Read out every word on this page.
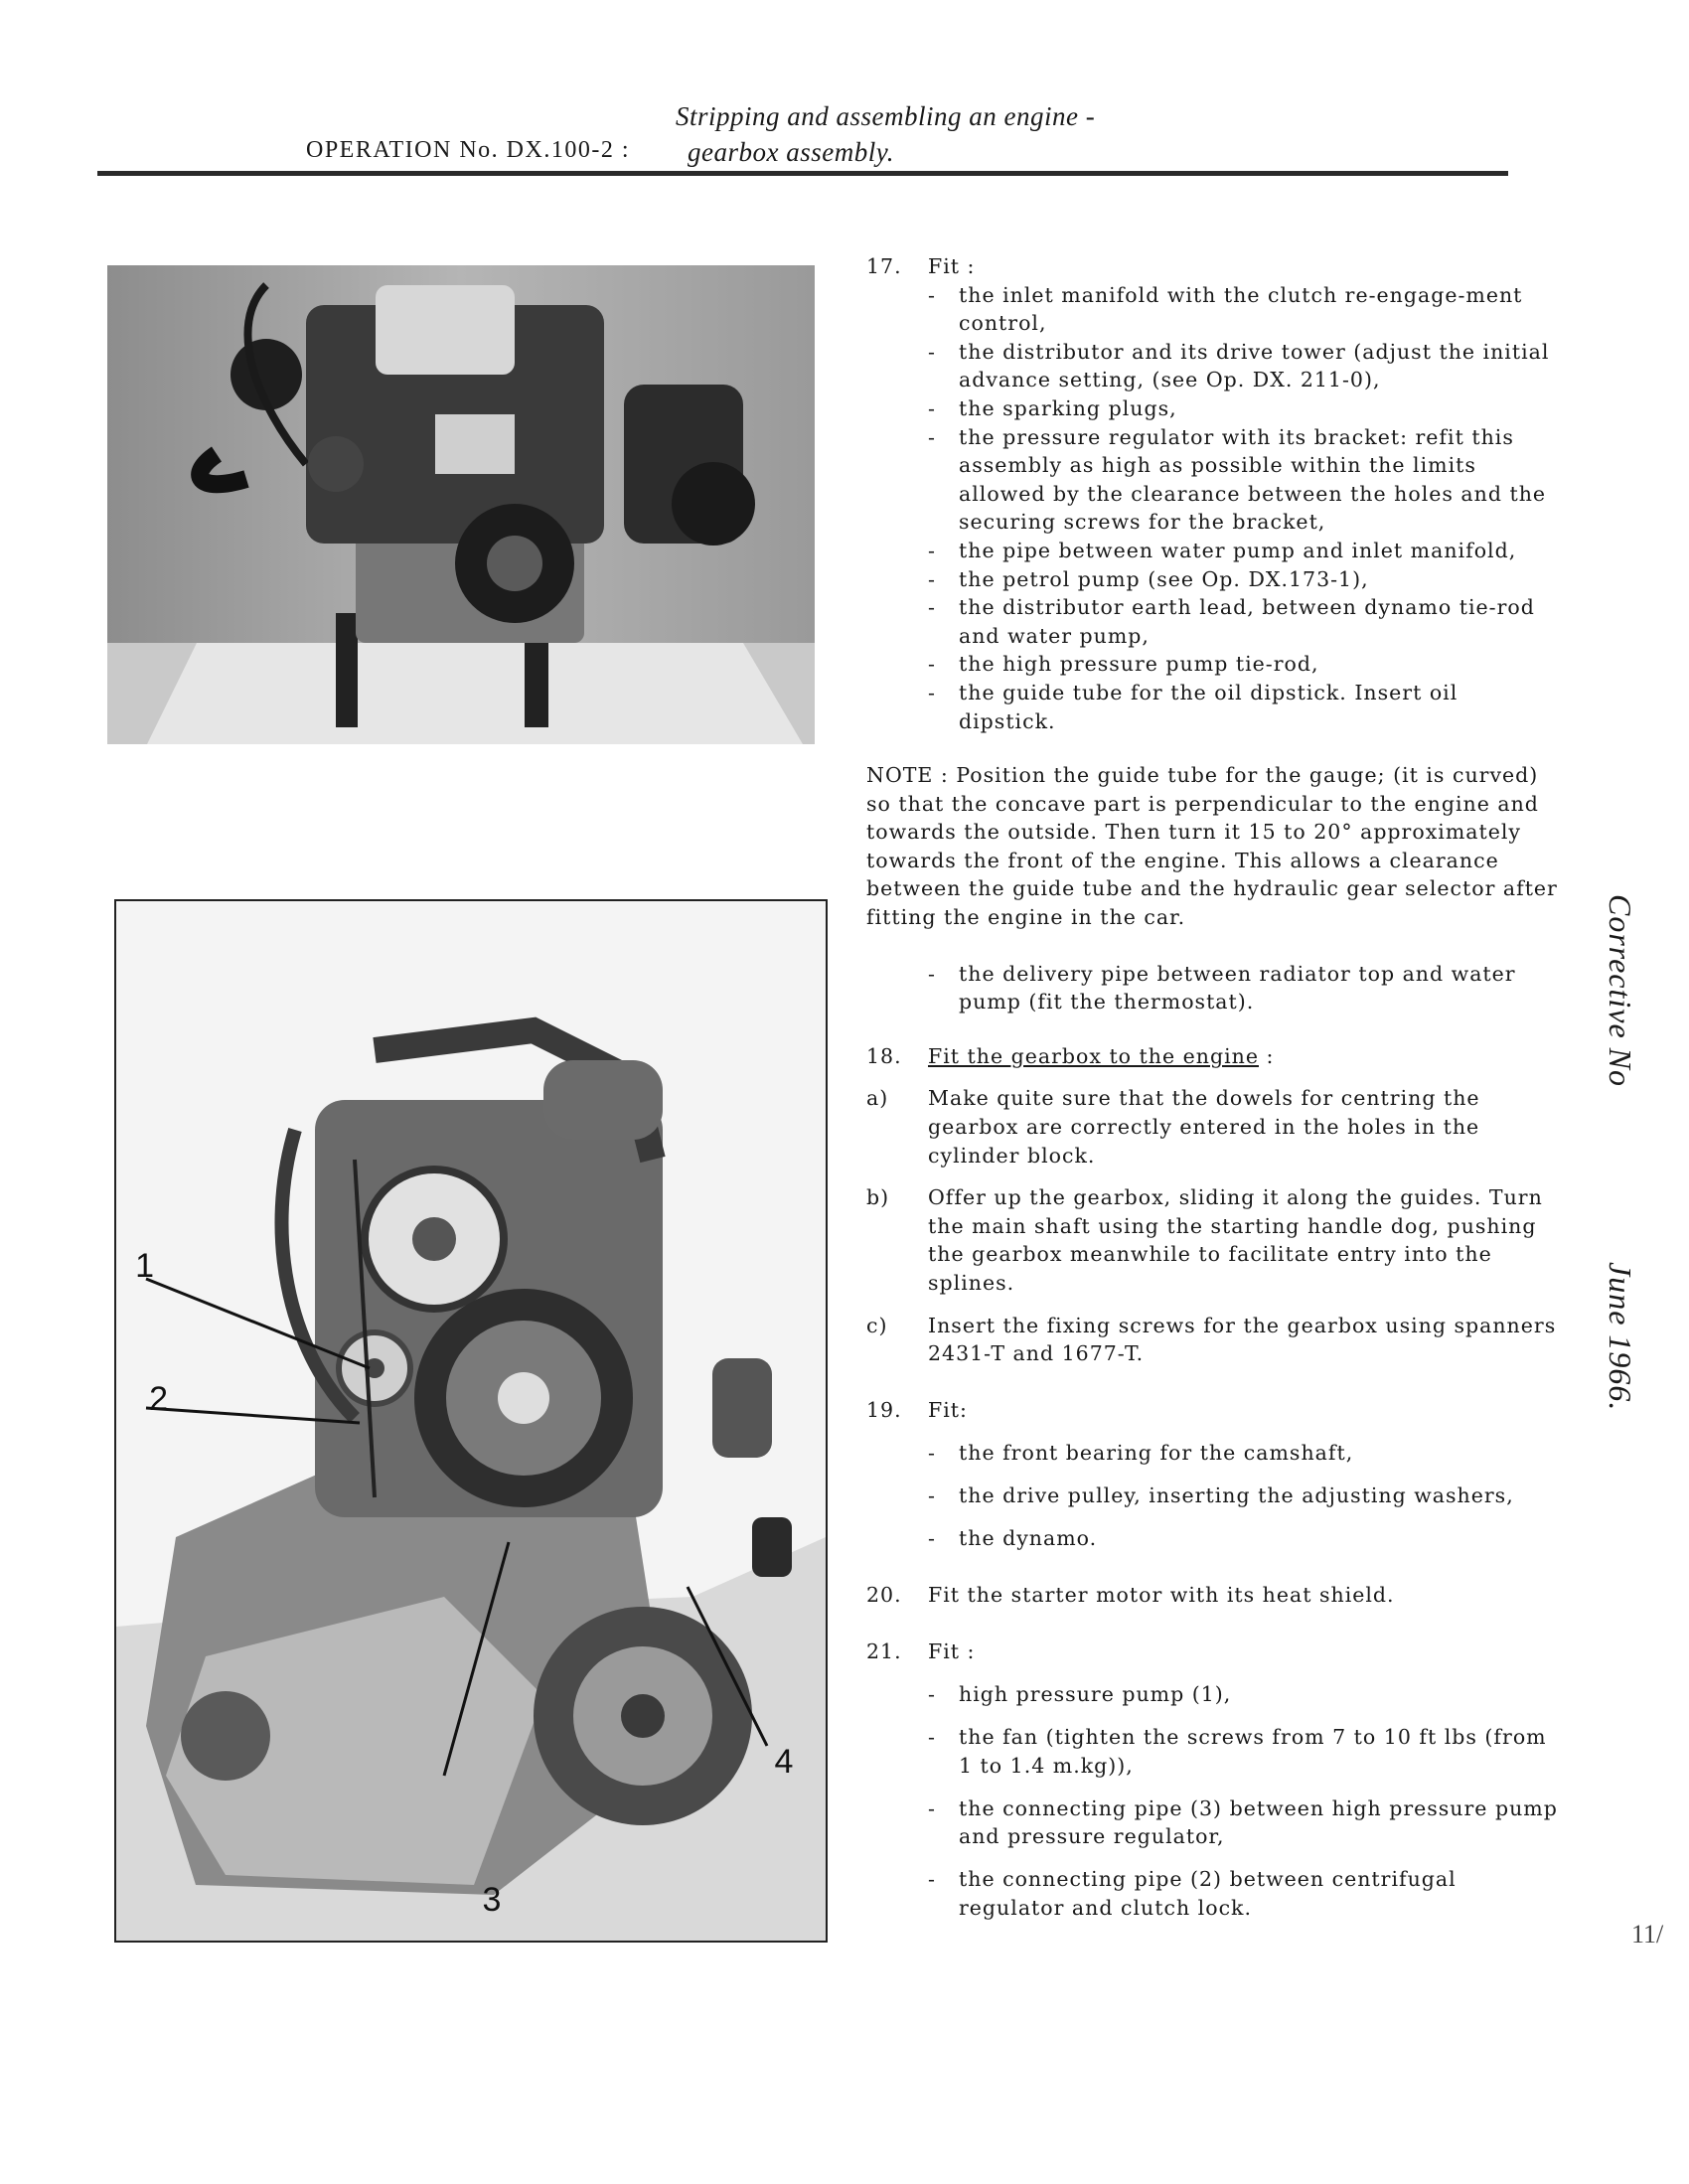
Stripping and assembling an engine -
OPERATION No. DX.100-2 : gearbox assembly.
1
2
3
4
17. Fit :
- the inlet manifold with the clutch re-engage-ment control,
- the distributor and its drive tower (adjust the initial advance setting, (see Op. DX. 211-0),
- the sparking plugs,
- the pressure regulator with its bracket: refit this assembly as high as possible within the limits allowed by the clearance between the holes and the securing screws for the bracket,
- the pipe between water pump and inlet manifold,
- the petrol pump (see Op. DX.173-1),
- the distributor earth lead, between dynamo tie-rod and water pump,
- the high pressure pump tie-rod,
- the guide tube for the oil dipstick. Insert oil dipstick.
NOTE : Position the guide tube for the gauge; (it is curved) so that the concave part is perpendicular to the engine and towards the outside. Then turn it 15 to 20° approximately towards the front of the engine. This allows a clearance between the guide tube and the hydraulic gear selector after fitting the engine in the car.
- the delivery pipe between radiator top and water pump (fit the thermostat).
18. Fit the gearbox to the engine :
a) Make quite sure that the dowels for centring the gearbox are correctly entered in the holes in the cylinder block.
b) Offer up the gearbox, sliding it along the guides. Turn the main shaft using the starting handle dog, pushing the gearbox meanwhile to facilitate entry into the splines.
c) Insert the fixing screws for the gearbox using spanners 2431-T and 1677-T.
19. Fit:
- the front bearing for the camshaft,
- the drive pulley, inserting the adjusting washers,
- the dynamo.
20. Fit the starter motor with its heat shield.
21. Fit :
- high pressure pump (1),
- the fan (tighten the screws from 7 to 10 ft lbs (from 1 to 1.4 m.kg)),
- the connecting pipe (3) between high pressure pump and pressure regulator,
- the connecting pipe (2) between centrifugal regulator and clutch lock.
Corrective No
June 1966.
11/
